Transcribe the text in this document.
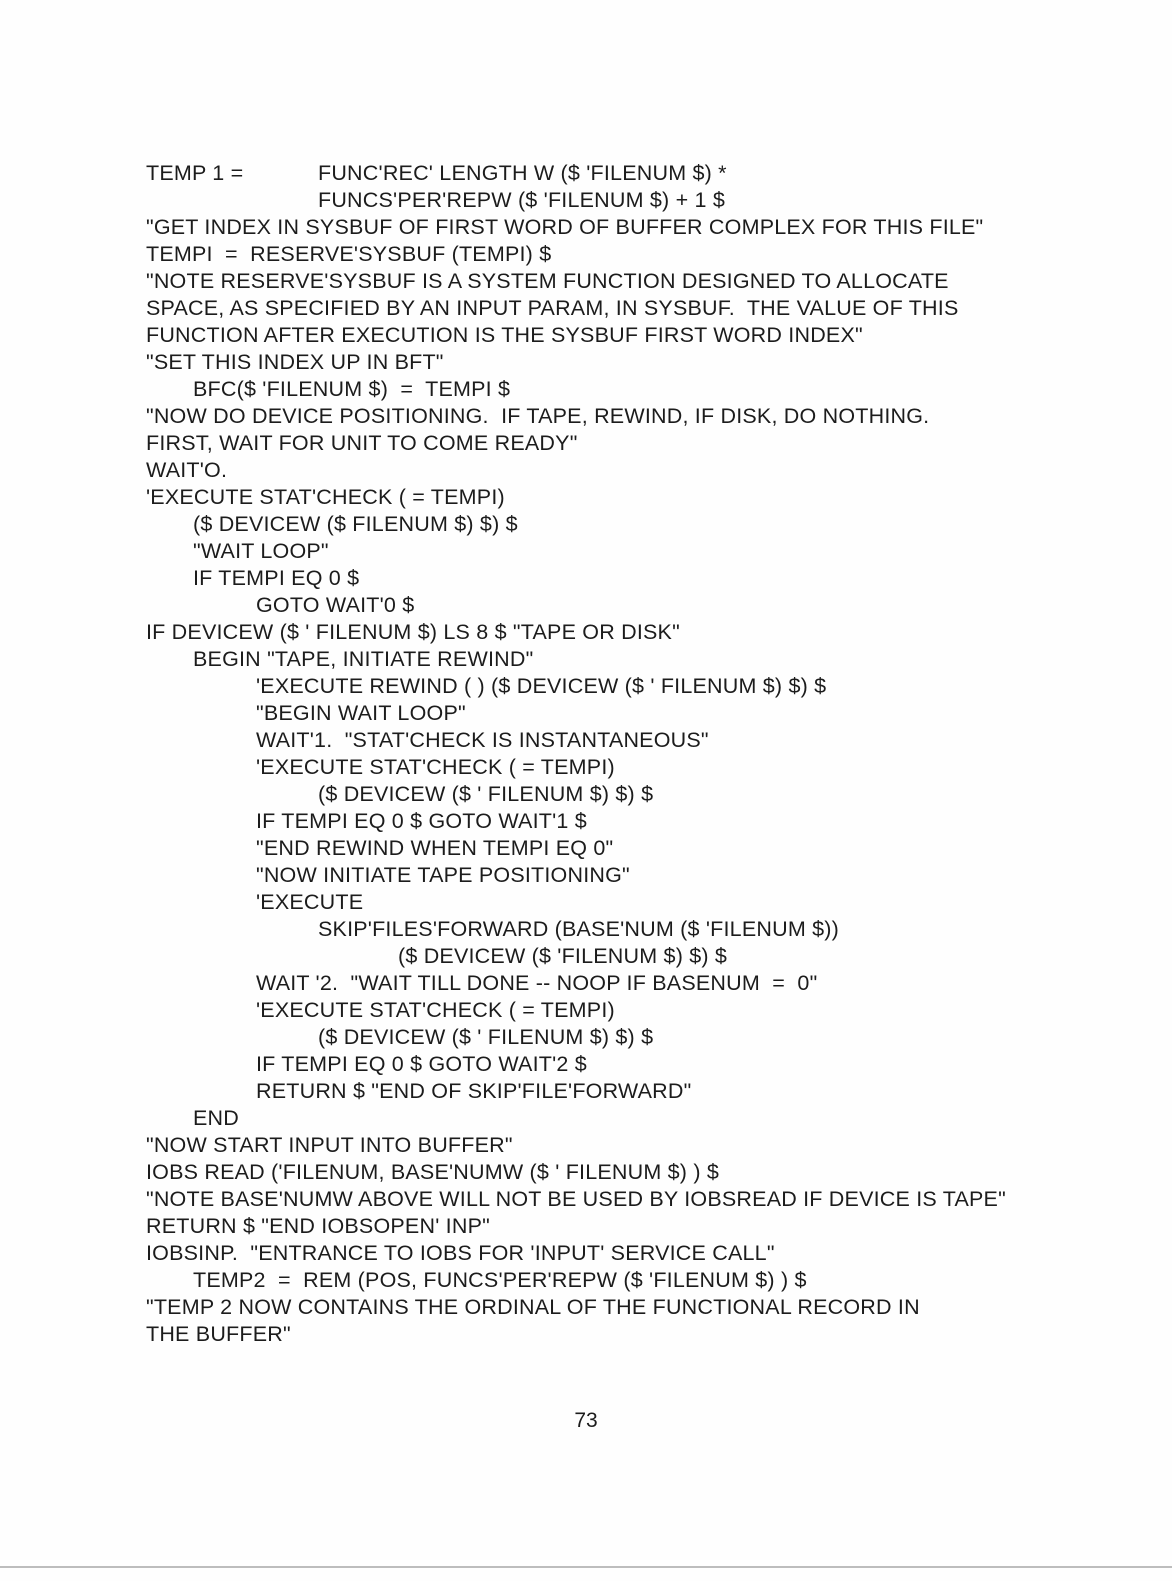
TEMP 1 =	FUNC'REC' LENGTH W ($ 'FILENUM $) *
FUNCS'PER'REPW ($ 'FILENUM $) + 1 $
"GET INDEX IN SYSBUF OF FIRST WORD OF BUFFER COMPLEX FOR THIS FILE"
TEMPI  =  RESERVE'SYSBUF (TEMPI) $
"NOTE RESERVE'SYSBUF IS A SYSTEM FUNCTION DESIGNED TO ALLOCATE
SPACE, AS SPECIFIED BY AN INPUT PARAM, IN SYSBUF.  THE VALUE OF THIS
FUNCTION AFTER EXECUTION IS THE SYSBUF FIRST WORD INDEX"
"SET THIS INDEX UP IN BFT"
BFC($ 'FILENUM $)  =  TEMPI $
"NOW DO DEVICE POSITIONING.  IF TAPE, REWIND, IF DISK, DO NOTHING.
FIRST, WAIT FOR UNIT TO COME READY"
WAIT'O.
'EXECUTE STAT'CHECK ( = TEMPI)
($ DEVICEW ($ FILENUM $) $) $
"WAIT LOOP"
IF TEMPI EQ 0 $
GOTO WAIT'0 $
IF DEVICEW ($ ' FILENUM $) LS 8 $ "TAPE OR DISK"
BEGIN "TAPE, INITIATE REWIND"
'EXECUTE REWIND ( ) ($ DEVICEW ($ ' FILENUM $) $) $
"BEGIN WAIT LOOP"
WAIT'1.  "STAT'CHECK IS INSTANTANEOUS"
'EXECUTE STAT'CHECK ( = TEMPI)
($ DEVICEW ($ ' FILENUM $) $) $
IF TEMPI EQ 0 $ GOTO WAIT'1 $
"END REWIND WHEN TEMPI EQ 0"
"NOW INITIATE TAPE POSITIONING"
'EXECUTE
SKIP'FILES'FORWARD (BASE'NUM ($ 'FILENUM $))
($ DEVICEW ($ 'FILENUM $) $) $
WAIT '2.  "WAIT TILL DONE -- NOOP IF BASENUM  =  0"
'EXECUTE STAT'CHECK ( = TEMPI)
($ DEVICEW ($ ' FILENUM $) $) $
IF TEMPI EQ 0 $ GOTO WAIT'2 $
RETURN $ "END OF SKIP'FILE'FORWARD"
END
"NOW START INPUT INTO BUFFER"
IOBS READ ('FILENUM, BASE'NUMW ($ ' FILENUM $) ) $
"NOTE BASE'NUMW ABOVE WILL NOT BE USED BY IOBSREAD IF DEVICE IS TAPE"
RETURN $ "END IOBSOPEN' INP"
IOBSINP.  "ENTRANCE TO IOBS FOR 'INPUT' SERVICE CALL"
TEMP2  =  REM (POS, FUNCS'PER'REPW ($ 'FILENUM $) ) $
"TEMP 2 NOW CONTAINS THE ORDINAL OF THE FUNCTIONAL RECORD IN
THE BUFFER"
73
